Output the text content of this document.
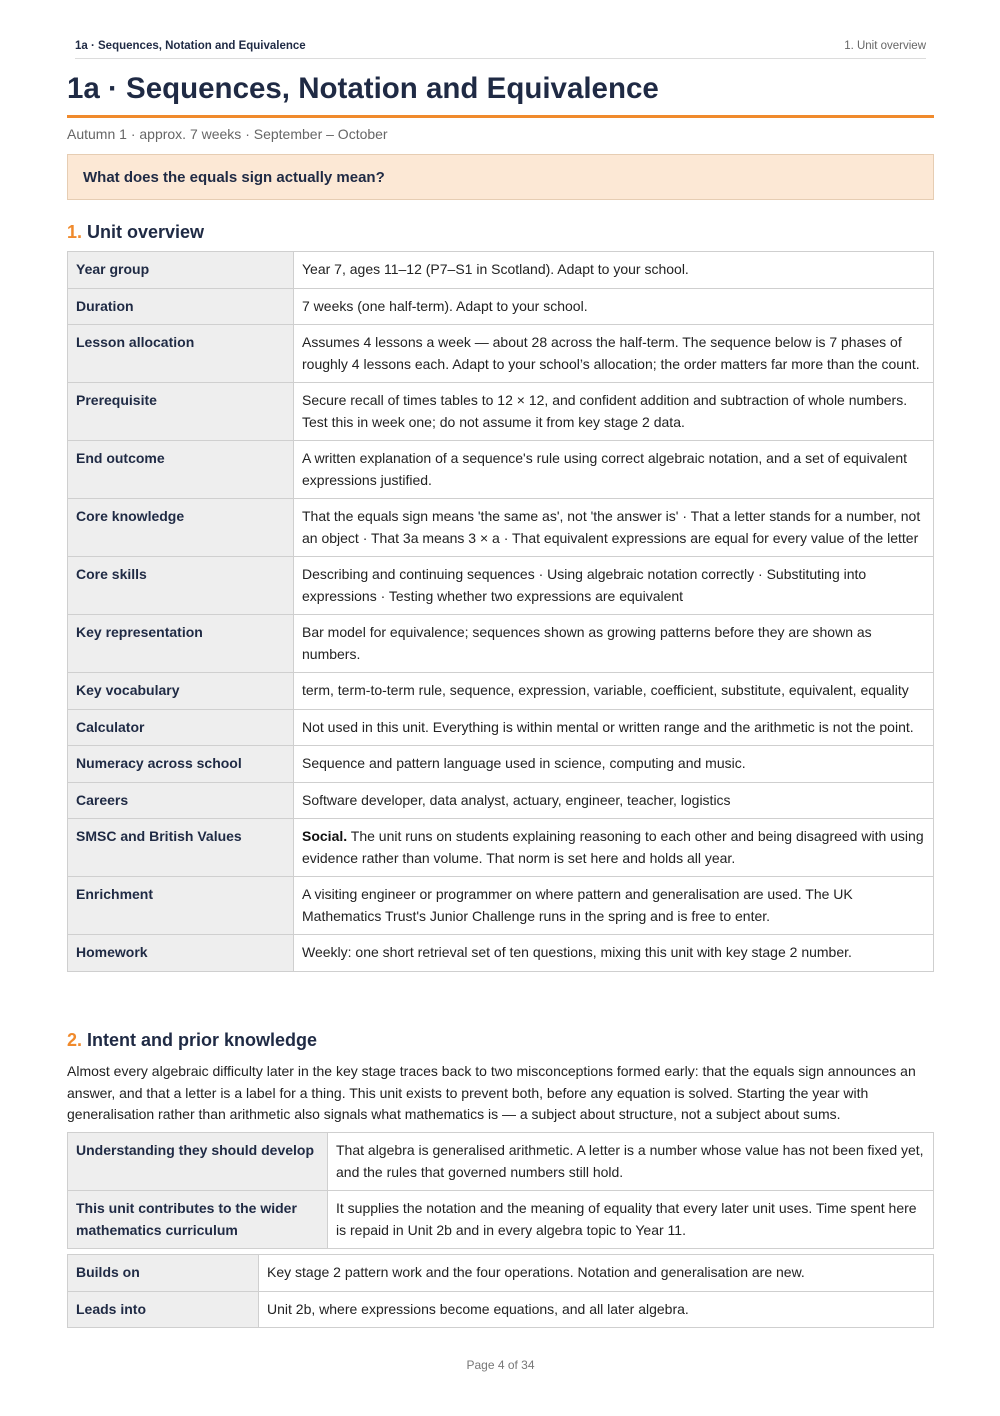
1a · Sequences, Notation and Equivalence	1. Unit overview
1a · Sequences, Notation and Equivalence
Autumn 1 · approx. 7 weeks · September – October
What does the equals sign actually mean?
1. Unit overview
Year group	Year 7, ages 11–12 (P7–S1 in Scotland). Adapt to your school.
Duration	7 weeks (one half-term). Adapt to your school.
Lesson allocation	Assumes 4 lessons a week — about 28 across the half-term. The sequence below is 7 phases of roughly 4 lessons each. Adapt to your school’s allocation; the order matters far more than the count.
Prerequisite	Secure recall of times tables to 12 × 12, and confident addition and subtraction of whole numbers. Test this in week one; do not assume it from key stage 2 data.
End outcome	A written explanation of a sequence's rule using correct algebraic notation, and a set of equivalent expressions justified.
Core knowledge	That the equals sign means 'the same as', not 'the answer is' · That a letter stands for a number, not an object · That 3a means 3 × a · That equivalent expressions are equal for every value of the letter
Core skills	Describing and continuing sequences · Using algebraic notation correctly · Substituting into expressions · Testing whether two expressions are equivalent
Key representation	Bar model for equivalence; sequences shown as growing patterns before they are shown as numbers.
Key vocabulary	term, term-to-term rule, sequence, expression, variable, coefficient, substitute, equivalent, equality
Calculator	Not used in this unit. Everything is within mental or written range and the arithmetic is not the point.
Numeracy across school	Sequence and pattern language used in science, computing and music.
Careers	Software developer, data analyst, actuary, engineer, teacher, logistics
SMSC and British Values	Social. The unit runs on students explaining reasoning to each other and being disagreed with using evidence rather than volume. That norm is set here and holds all year.
Enrichment	A visiting engineer or programmer on where pattern and generalisation are used. The UK Mathematics Trust's Junior Challenge runs in the spring and is free to enter.
Homework	Weekly: one short retrieval set of ten questions, mixing this unit with key stage 2 number.
2. Intent and prior knowledge

Almost every algebraic difficulty later in the key stage traces back to two misconceptions formed early: that the equals sign announces an answer, and that a letter is a label for a thing. This unit exists to prevent both, before any equation is solved. Starting the year with generalisation rather than arithmetic also signals what mathematics is — a subject about structure, not a subject about sums.

Understanding they should develop	That algebra is generalised arithmetic. A letter is a number whose value has not been fixed yet, and the rules that governed numbers still hold.
This unit contributes to the wider mathematics curriculum	It supplies the notation and the meaning of equality that every later unit uses. Time spent here is repaid in Unit 2b and in every algebra topic to Year 11.
Builds on	Key stage 2 pattern work and the four operations. Notation and generalisation are new.
Leads into	Unit 2b, where expressions become equations, and all later algebra.
Page 4 of 34
